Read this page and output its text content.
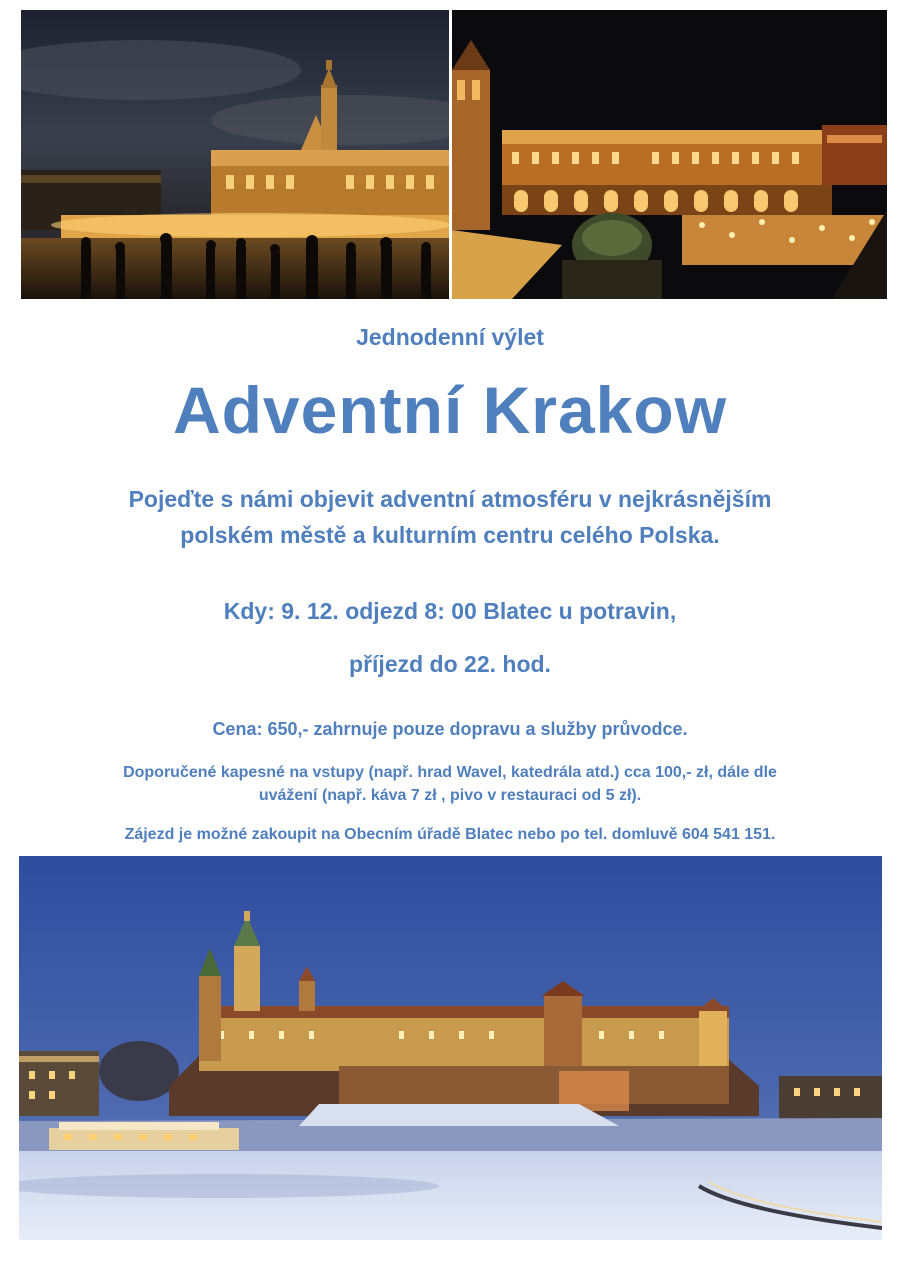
Jednodenní výlet

Adventní Krakow
Pojeďte s námi objevit adventní atmosféru v nejkrásnějším
polském městě a kulturním centru celého Polska.

Kdy: 9. 12. odjezd 8: 00 Blatec u potravin,

příjezd do 22. hod.

Cena: 650,- zahrnuje pouze dopravu a služby průvodce.

Doporučené kapesné na vstupy (např. hrad Wavel, katedrála atd.) cca 100,- zł, dále dle
uvážení (např. káva 7 zł , pivo v restauraci od 5 zł).

Zájezd je možné zakoupit na Obecním úřadě Blatec nebo po tel. domluvě 604 541 151.
